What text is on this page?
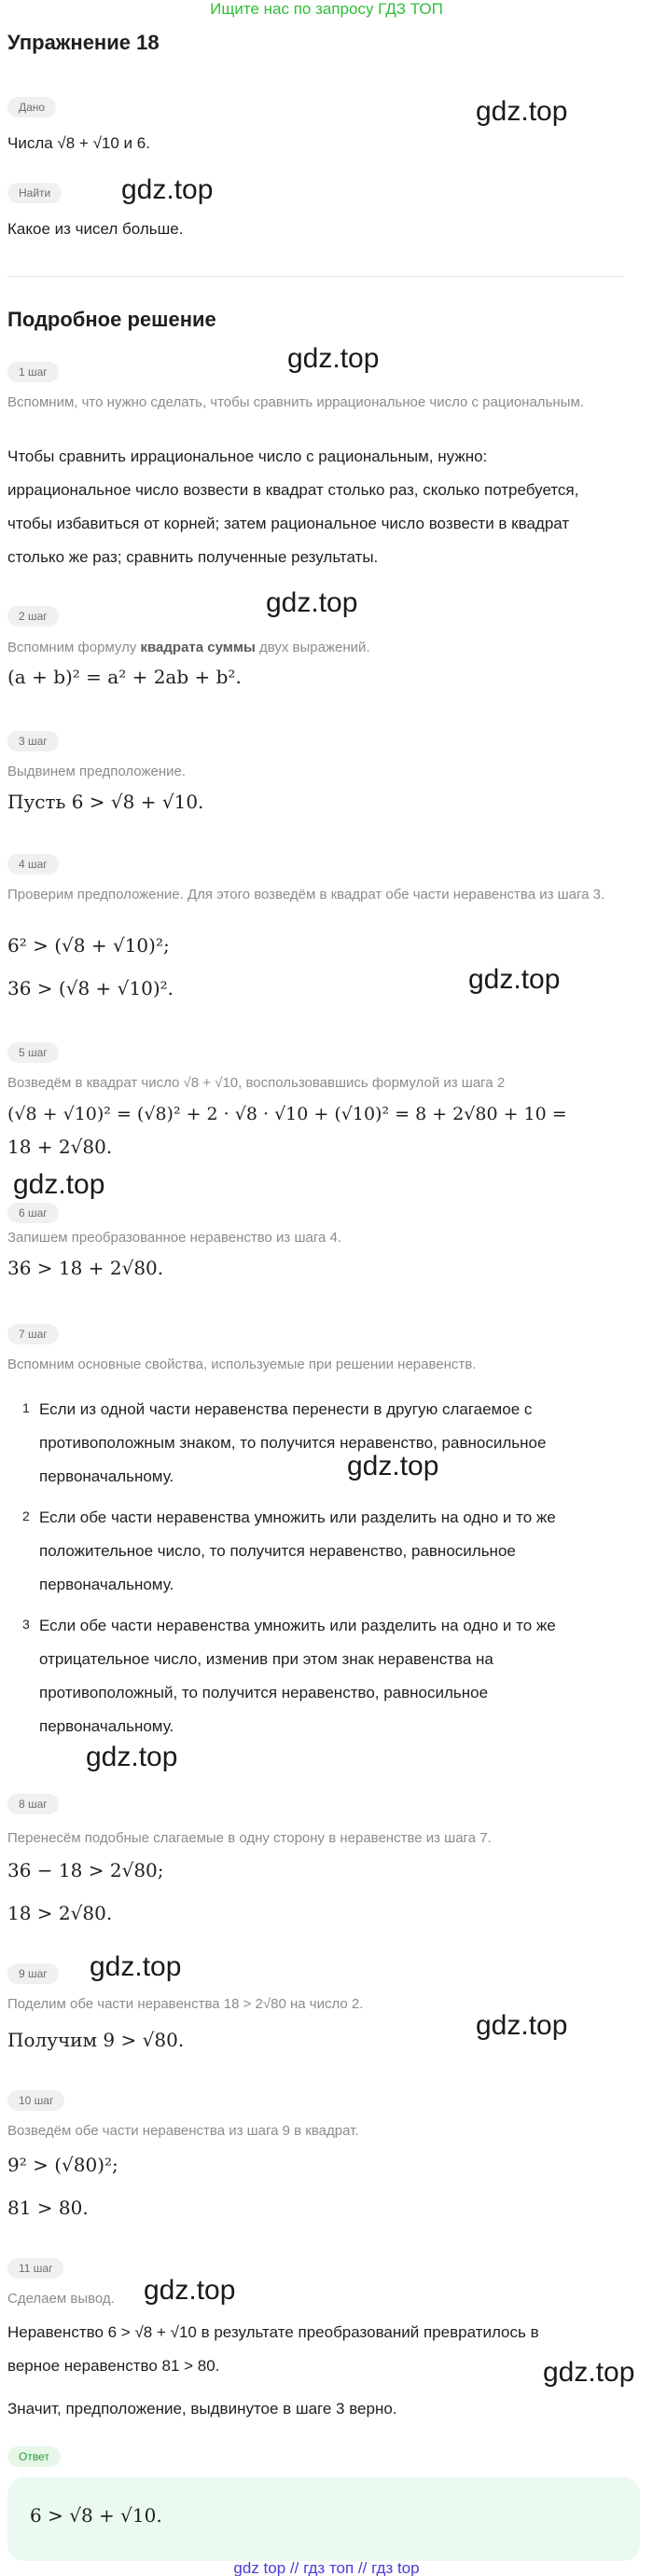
Ищите нас по запросу ГДЗ ТОП
Упражнение 18
Дано
Числа √8 + √10 и 6.
gdz.top
Найти	gdz.top
Какое из чисел больше.
Подробное решение
1 шаг	gdz.top
Вспомним, что нужно сделать, чтобы сравнить иррациональное число с рациональным.
Чтобы сравнить иррациональное число с рациональным, нужно:
иррациональное число возвести в квадрат столько раз, сколько потребуется,
чтобы избавиться от корней; затем рациональное число возвести в квадрат
столько же раз; сравнить полученные результаты.
2 шаг	gdz.top
Вспомним формулу квадрата суммы двух выражений.
(a + b)² = a² + 2ab + b².
3 шаг
Выдвинем предположение.
Пусть 6 > √8 + √10.
4 шаг
Проверим предположение. Для этого возведём в квадрат обе части неравенства из шага 3.
6² > (√8 + √10)²;
36 > (√8 + √10)².	gdz.top
5 шаг
Возведём в квадрат число √8 + √10, воспользовавшись формулой из шага 2
(√8 + √10)² = (√8)² + 2 · √8 · √10 + (√10)² = 8 + 2√80 + 10 =
18 + 2√80.
gdz.top
6 шаг
Запишем преобразованное неравенство из шага 4.
36 > 18 + 2√80.
7 шаг
Вспомним основные свойства, используемые при решении неравенств.
1 Если из одной части неравенства перенести в другую слагаемое с
противоположным знаком, то получится неравенство, равносильное
первоначальному.	gdz.top
2 Если обе части неравенства умножить или разделить на одно и то же
положительное число, то получится неравенство, равносильное
первоначальному.
3 Если обе части неравенства умножить или разделить на одно и то же
отрицательное число, изменив при этом знак неравенства на
противоположный, то получится неравенство, равносильное
первоначальному.
gdz.top
8 шаг
Перенесём подобные слагаемые в одну сторону в неравенстве из шага 7.
36 − 18 > 2√80;
18 > 2√80.
9 шаг	gdz.top
Поделим обе части неравенства 18 > 2√80 на число 2.
gdz.top
Получим 9 > √80.
10 шаг
Возведём обе части неравенства из шага 9 в квадрат.
9² > (√80)²;
81 > 80.
11 шаг
gdz.top
Сделаем вывод.
Неравенство 6 > √8 + √10 в результате преобразований превратилось в
верное неравенство 81 > 80.	gdz.top
Значит, предположение, выдвинутое в шаге 3 верно.
Ответ
6 > √8 + √10.
gdz top // гдз топ // гдз top
